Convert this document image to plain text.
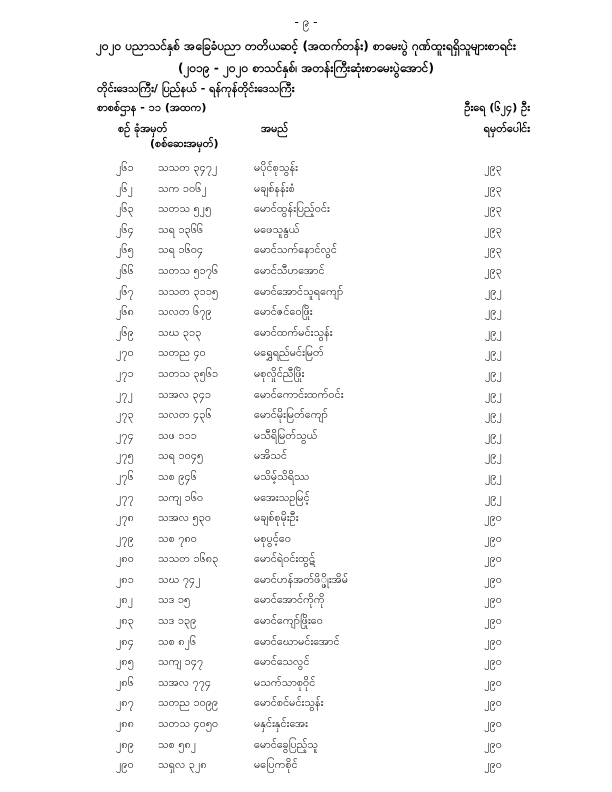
- ၉ -
၂၀၂၀ ပညာသင်နှစ် အခြေခံပညာ တတိယဆင့် (အထက်တန်း) စာမေးပွဲ ဂုဏ်ထူးရရှိသူများစာရင်း
(၂၀၁၉ - ၂၀၂၀ စာသင်နှစ်၊ အတန်းကြီးဆုံးစာမေးပွဲအောင်)
တိုင်းဒေသကြီး/ ပြည်နယ် - ရန်ကုန်တိုင်းဒေသကြီး
စာစစ်ဌာန - ၁၁ (အထက)	ဦးရေ (၆၂၄) ဦး
စဉ် ခုံအမှတ်
(စစ်ဆေးအမှတ်)
အမည်	ရမှတ်ပေါင်း
၂၆၁ သသတ ၃၄၇၂	မပိုင်စုသွန်း	၂၉၃
၂၆၂ သက ၁၀၆၂	မချစ်နန်းစံ	၂၉၃
၂၆၃ သတသ ၅၂၅	မောင်ထွန်းပြည့်ဝင်း	၂၉၃
၂၆၄ သရ ၁၃၆၆	မဖေသူနွယ်	၂၉၃
၂၆၅ သရ ၁၆၀၄	မောင်သက်နောင်လွင်	၂၉၃
၂၆၆ သတသ ၅၁၇၆	မောင်သီဟအောင်	၂၉၃
၂၆၇ သသတ ၃၁၁၅	မောင်အောင်သူရကျော်	၂၉၂
၂၆၈ သလတ ၆၇၉	မောင်ဇင်ဝေဖြိုး	၂၉၂
၂၆၉ သဃ ၃၁၃	မောင်ထက်မင်းသွန်း	၂၉၂
၂၇၀ သတည ၄၀	မရွှေရည်မင်းမြတ်	၂၉၂
၂၇၁ သတသ ၃၅၆၁	မစုလှိုင်ညီဖြိုး	၂၉၂
၂၇၂ သအလ ၃၄၁	မောင်ကောင်းထက်ဝင်း	၂၉၂
၂၇၃ သလတ ၄၃၆	မောင်မိုးမြတ်ကျော်	၂၉၂
၂၇၄ သဖ ၁၁၁	မသီရိမြတ်သွယ်	၂၉၂
၂၇၅ သရ ၁၀၄၅	မအိသင်	၂၉၂
၂၇၆ သစ ၉၄၆	မသိမ့်သိရိဿ	၂၉၂
၂၇၇ သကျ ၁၆၀	မအေးသဥမြင့်	၂၉၂
၂၇၈ သအလ ၅၃၀	မချစ်စုမိုးဦး	၂၉၀
၂၇၉ သစ ၇၈၀	မစုပွင့်ဝေ	၂၉၀
၂၈၀ သသတ ၁၆၈၃	မောင်ရဲဝင်းထွဋ်	၂၉၀
၂၈၁ သဃ ၇၄၂	မောင်ဟန်အတ်ဖိ္ဖိုးအိမ်	၂၉၀
၂၈၂ သဒ ၁၅	မောင်အောင်ကိုကို	၂၉၀
၂၈၃ သဒ ၁၃၉	မောင်ကျော်ဖြိုးဝေ	၂၉၀
၂၈၄ သစ ၈၂၆	မောင်ဃောမင်းအောင်	၂၉၀
၂၈၅ သကျ ၁၄၇	မောင်သေလွင်	၂၉၀
၂၈၆ သအလ ၇၇၄	မသက်သာစုဝိုင်	၂၉၀
၂၈၇ သတည ၁၀၉၉	မောင်စင်မင်းသွန်း	၂၉၀
၂၈၈ သတသ ၄၀၅၀	မနှင်းနှင်းအေး	၂၉၀
၂၈၉ သစ ၅၈၂	မောင်ခွေပြည့်သူ	၂၉၀
၂၉၀ သရှလ ၃၂၈	မပြေကစိုင်	၂၉၀
